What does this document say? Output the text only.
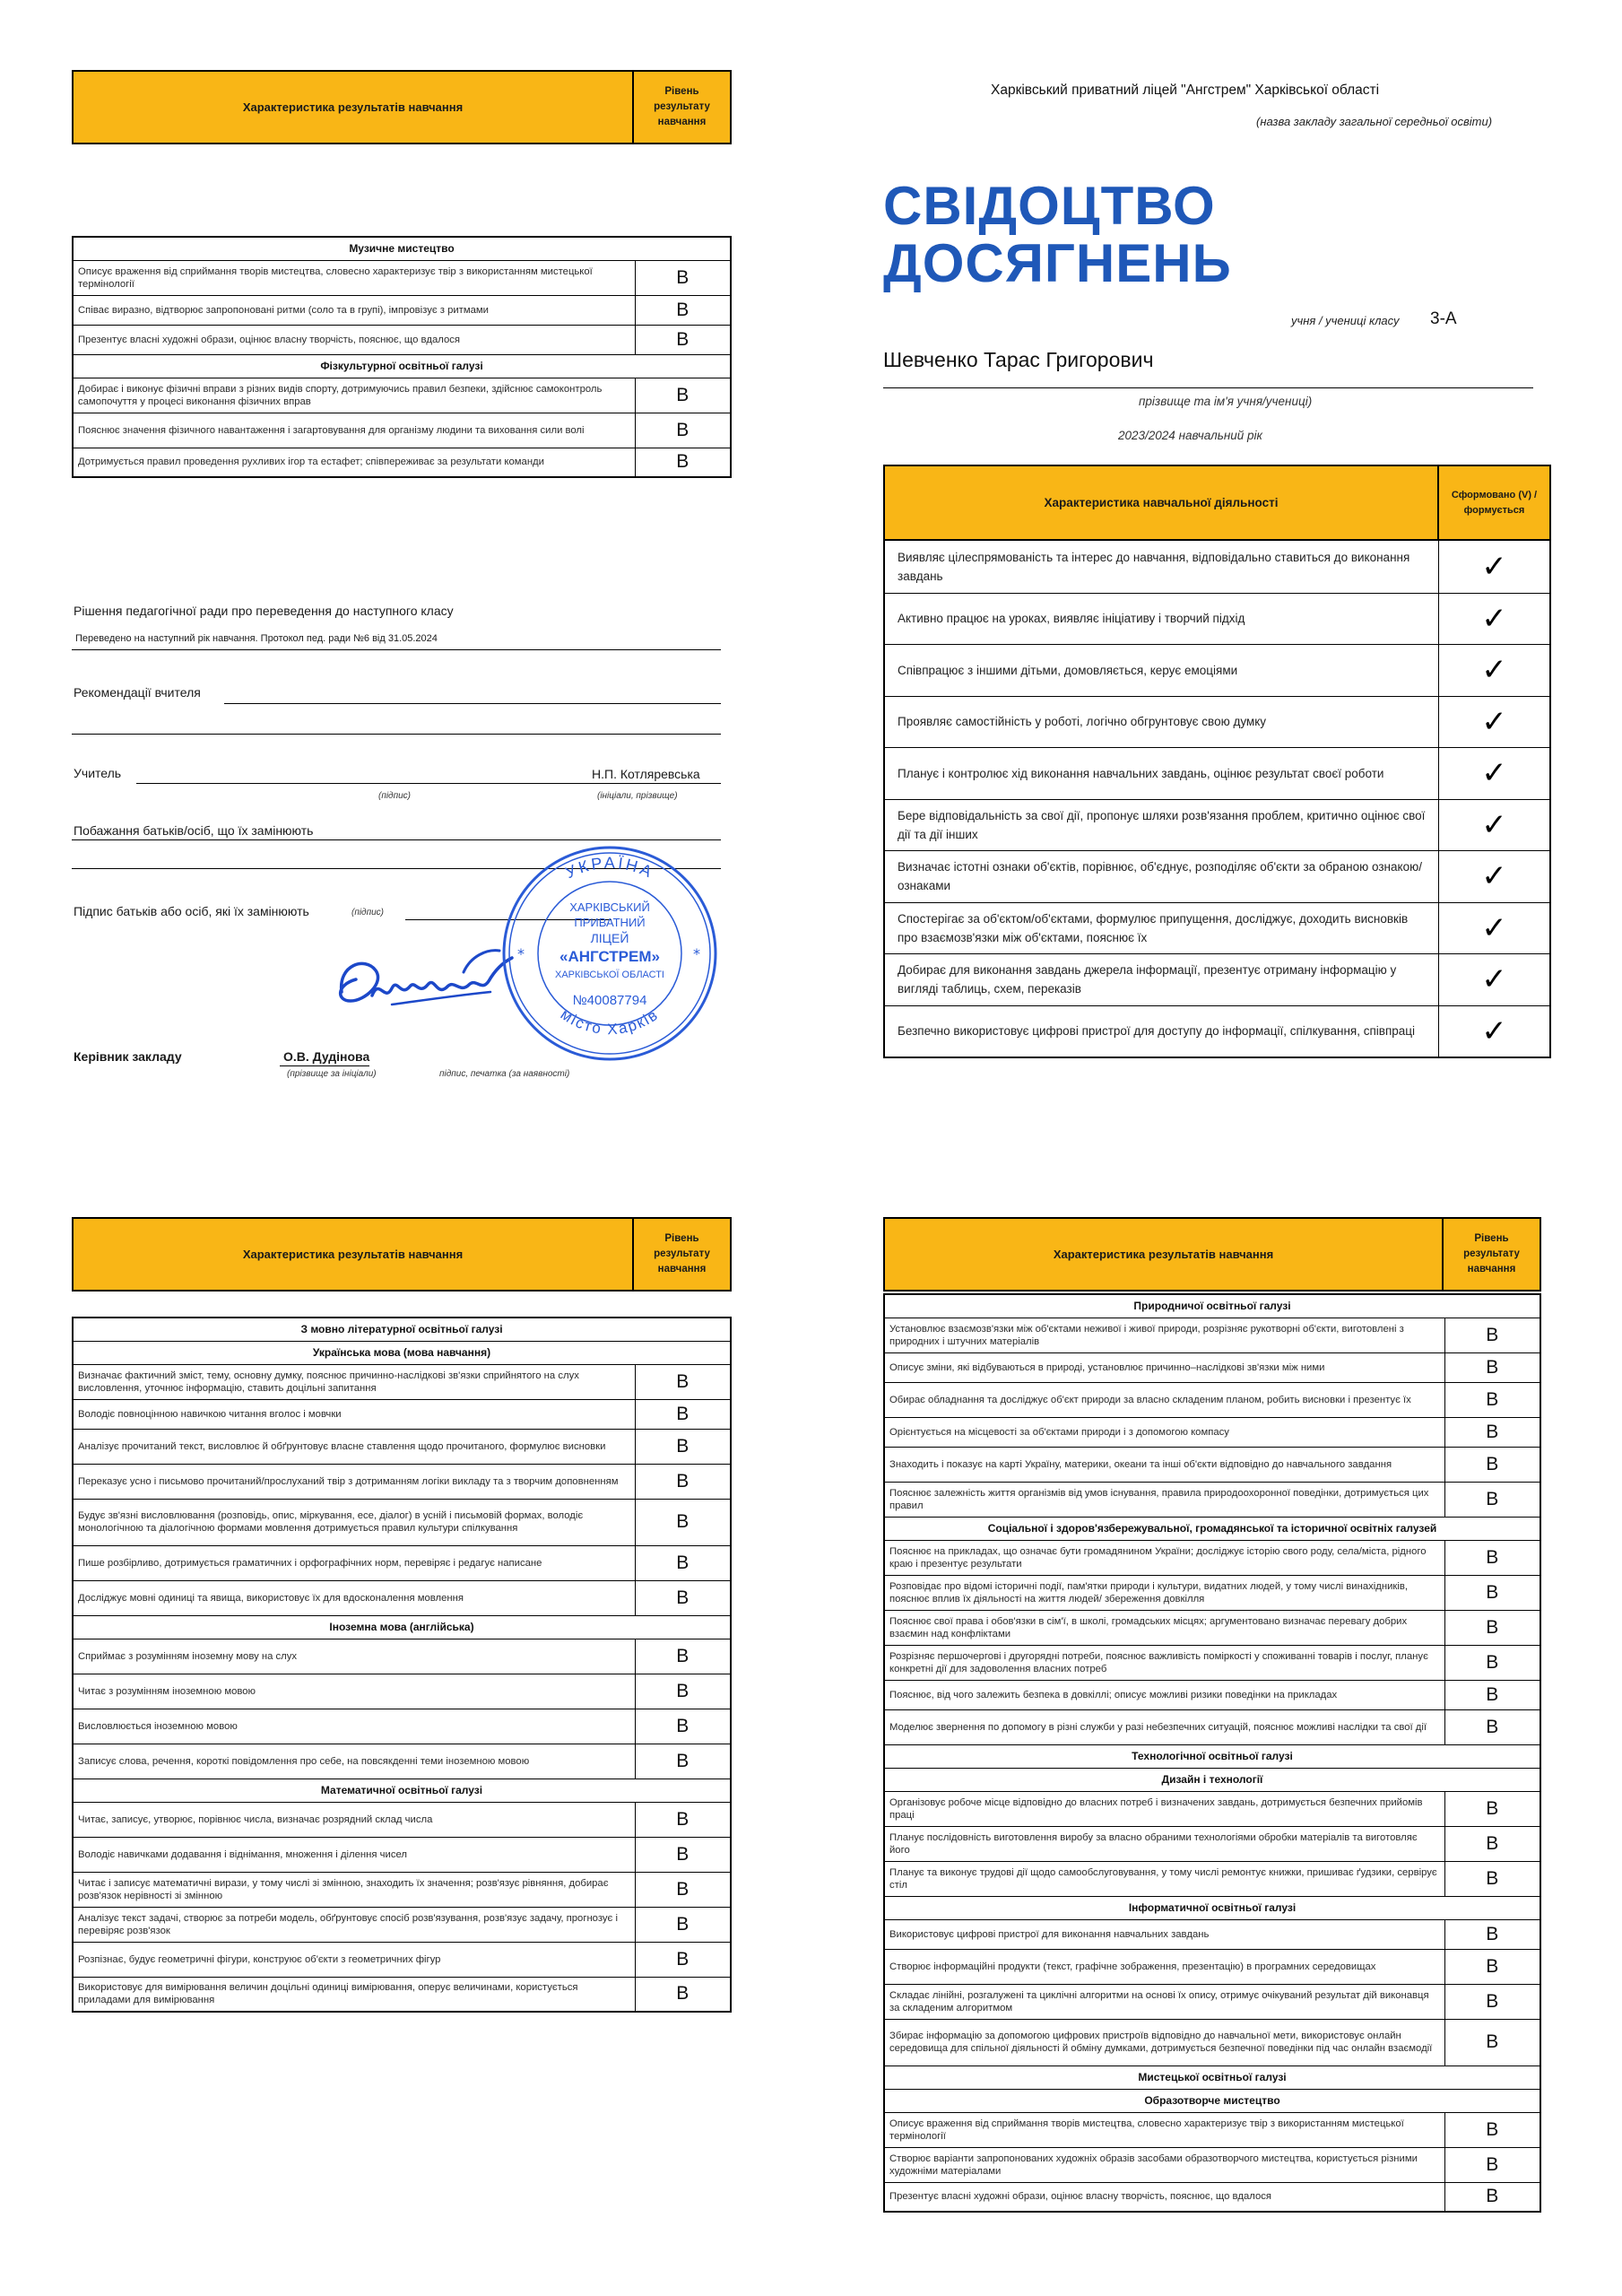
Характеристика результатів навчання
Рівень результату навчання
Музичне мистецтво	
Описує враження від сприймання творів мистецтва, словесно характеризує твір з використанням мистецької термінології	В
Співає виразно, відтворює запропоновані ритми (соло та в групі), імпровізує з ритмами	В
Презентує власні художні образи, оцінює власну творчість, пояснює, що вдалося	В
Фізкультурної освітньої галузі	
Добирає і виконує фізичні вправи з різних видів спорту, дотримуючись правил безпеки, здійснює самоконтроль самопочуття у процесі виконання фізичних вправ	В
Пояснює значення фізичного навантаження і загартовування для організму людини та виховання сили волі	В
Дотримується правил проведення рухливих ігор та естафет; співпереживає за результати команди	В
Рішення педагогічної ради про переведення до наступного класу
Переведено на наступний рік навчання. Протокол пед. ради №6 від 31.05.2024
Рекомендації вчителя
Учитель	Н.П. Котляревська
(підпис)	(ініціали, прізвище)
Побажання батьків/осіб, що їх замінюють
Підпис батьків або осіб, які їх замінюють	(підпис)
Керівник закладу	О.В. Дудінова
(прізвище за ініціали)	підпис, печатка (за наявності)
УКРАЇНА
місто Харків
*	*
ХАРКІВСЬКИЙ
ПРИВАТНИЙ
ЛІЦЕЙ
«АНГСТРЕМ»
ХАРКІВСЬКОЇ ОБЛАСТІ
№40087794
Харківський приватний ліцей "Ангстрем" Харківської області
(назва закладу загальної середньої освіти)
СВІДОЦТВО
ДОСЯГНЕНЬ
учня / учениці класу 3-А
Шевченко Тарас Григорович
прізвище та ім'я учня/учениці)
2023/2024 навчальний рік
Характеристика навчальної діяльності
Сформовано (V) /формується
Виявляє цілеспрямованість та інтерес до навчання, відповідально ставиться до виконання завдань	✓
Активно працює на уроках, виявляє ініціативу і творчий підхід	✓
Співпрацює з іншими дітьми, домовляється, керує емоціями	✓
Проявляє самостійність у роботі, логічно обгрунтовує свою думку	✓
Планує і контролює хід виконання навчальних завдань, оцінює результат своєї роботи	✓
Бере відповідальність за свої дії, пропонує шляхи розв'язання проблем, критично оцінює свої дії та дії інших	✓
Визначає істотні ознаки об'єктів, порівнює, об'єднує, розподіляє об'єкти за обраною ознакою/ознаками	✓
Спостерігає за об'єктом/об'єктами, формулює припущення, досліджує, доходить висновків про взаємозв'язки між об'єктами, пояснює їх	✓
Добирає для виконання завдань джерела інформації, презентує отриману інформацію у вигляді таблиць, схем, переказів	✓
Безпечно використовує цифрові пристрої для доступу до інформації, спілкування, співпраці	✓
Характеристика результатів навчання
Рівень результату навчання
З мовно літературної освітньої галузі	
Українська мова (мова навчання)	
Визначає фактичний зміст, тему, основну думку, пояснює причинно-наслідкові зв'язки сприйнятого на слух висловлення, уточнює інформацію, ставить доцільні запитання	В
Володіє повноцінною навичкою читання вголос і мовчки	В
Аналізує прочитаний текст, висловлює й обґрунтовує власне ставлення щодо прочитаного, формулює висновки	В
Переказує усно і письмово прочитаний/прослуханий твір з дотриманням логіки викладу та з творчим доповненням	В
Будує зв'язні висловлювання (розповідь, опис, міркування, есе, діалог) в усній і письмовій формах, володіє монологічною та діалогічною формами мовлення дотримується правил культури спілкування	В
Пише розбірливо, дотримується граматичних і орфографічних норм, перевіряє і редагує написане	В
Досліджує мовні одиниці та явища, використовує їх для вдосконалення мовлення	В
Іноземна мова (англійська)	
Сприймає з розумінням іноземну мову на слух	В
Читає з розумінням іноземною мовою	В
Висловлюється іноземною мовою	В
Записує слова, речення, короткі повідомлення про себе, на повсякденні теми іноземною мовою	В
Математичної освітньої галузі	
Читає, записує, утворює, порівнює числа, визначає розрядний склад числа	В
Володіє навичками додавання і віднімання, множення і ділення чисел	В
Читає і записує математичні вирази, у тому числі зі змінною, знаходить їх значення; розв'язує рівняння, добирає розв'язок нерівності зі змінною	В
Аналізує текст задачі, створює за потреби модель, обґрунтовує спосіб розв'язування, розв'язує задачу, прогнозує і перевіряє розв'язок	В
Розпізнає, будує геометричні фігури, конструює об'єкти з геометричних фігур	В
Використовує для вимірювання величин доцільні одиниці вимірювання, оперує величинами, користується приладами для вимірювання	В
Характеристика результатів навчання
Рівень результату навчання
Природничої освітньої галузі	
Установлює взаємозв'язки між об'єктами неживої і живої природи, розрізняє рукотворні об'єкти, виготовлені з природних і штучних матеріалів	В
Описує зміни, які відбуваються в природі, установлює причинно–наслідкові зв'язки між ними	В
Обирає обладнання та досліджує об'єкт природи за власно складеним планом, робить висновки і презентує їх	В
Орієнтується на місцевості за об'єктами природи і з допомогою компасу	В
Знаходить і показує на карті Україну, материки, океани та інші об'єкти відповідно до навчального завдання	В
Пояснює залежність життя організмів від умов існування, правила природоохоронної поведінки, дотримується цих правил	В
Соціальної і здоров'язбережувальної, громадянської та історичної освітніх галузей	
Пояснює на прикладах, що означає бути громадянином України; досліджує історію свого роду, села/міста, рідного краю і презентує результати	В
Розповідає про відомі історичні події, пам'ятки природи і культури, видатних людей, у тому числі винахідників, пояснює вплив їх діяльності на життя людей/ збереження довкілля	В
Пояснює свої права і обов'язки в сім'ї, в школі, громадських місцях; аргументовано визначає перевагу добрих взаємин над конфліктами	В
Розрізняє першочергові і другорядні потреби, пояснює важливість поміркості у споживанні товарів і послуг, планує конкретні дії для задоволення власних потреб	В
Пояснює, від чого залежить безпека в довкіллі; описує можливі ризики поведінки на прикладах	В
Моделює звернення по допомогу в різні служби у разі небезпечних ситуацій, пояснює можливі наслідки та свої дії	В
Технологічної освітньої галузі	
Дизайн і технології	
Організовує робоче місце відповідно до власних потреб і визначених завдань, дотримується безпечних прийомів праці	В
Планує послідовність виготовлення виробу за власно обраними технологіями обробки матеріалів та виготовляє його	В
Планує та виконує трудові дії щодо самообслуговування, у тому числі ремонтує книжки, пришиває ґудзики, сервірує стіл	В
Інформатичної освітньої галузі	
Використовує цифрові пристрої для виконання навчальних завдань	В
Створює інформаційні продукти (текст, графічне зображення, презентацію) в програмних середовищах	В
Складає лінійні, розгалужені та циклічні алгоритми на основі їх опису, отримує очікуваний результат дій виконавця за складеним алгоритмом	В
Збирає інформацію за допомогою цифрових пристроїв відповідно до навчальної мети, використовує онлайн середовища для спільної діяльності й обміну думками, дотримується безпечної поведінки під час онлайн взаємодії	В
Мистецької освітньої галузі	
Образотворче мистецтво	
Описує враження від сприймання творів мистецтва, словесно характеризує твір з використанням мистецької термінології	В
Створює варіанти запропонованих художніх образів засобами образотворчого мистецтва, користується різними художніми матеріалами	В
Презентує власні художні образи, оцінює власну творчість, пояснює, що вдалося	В
